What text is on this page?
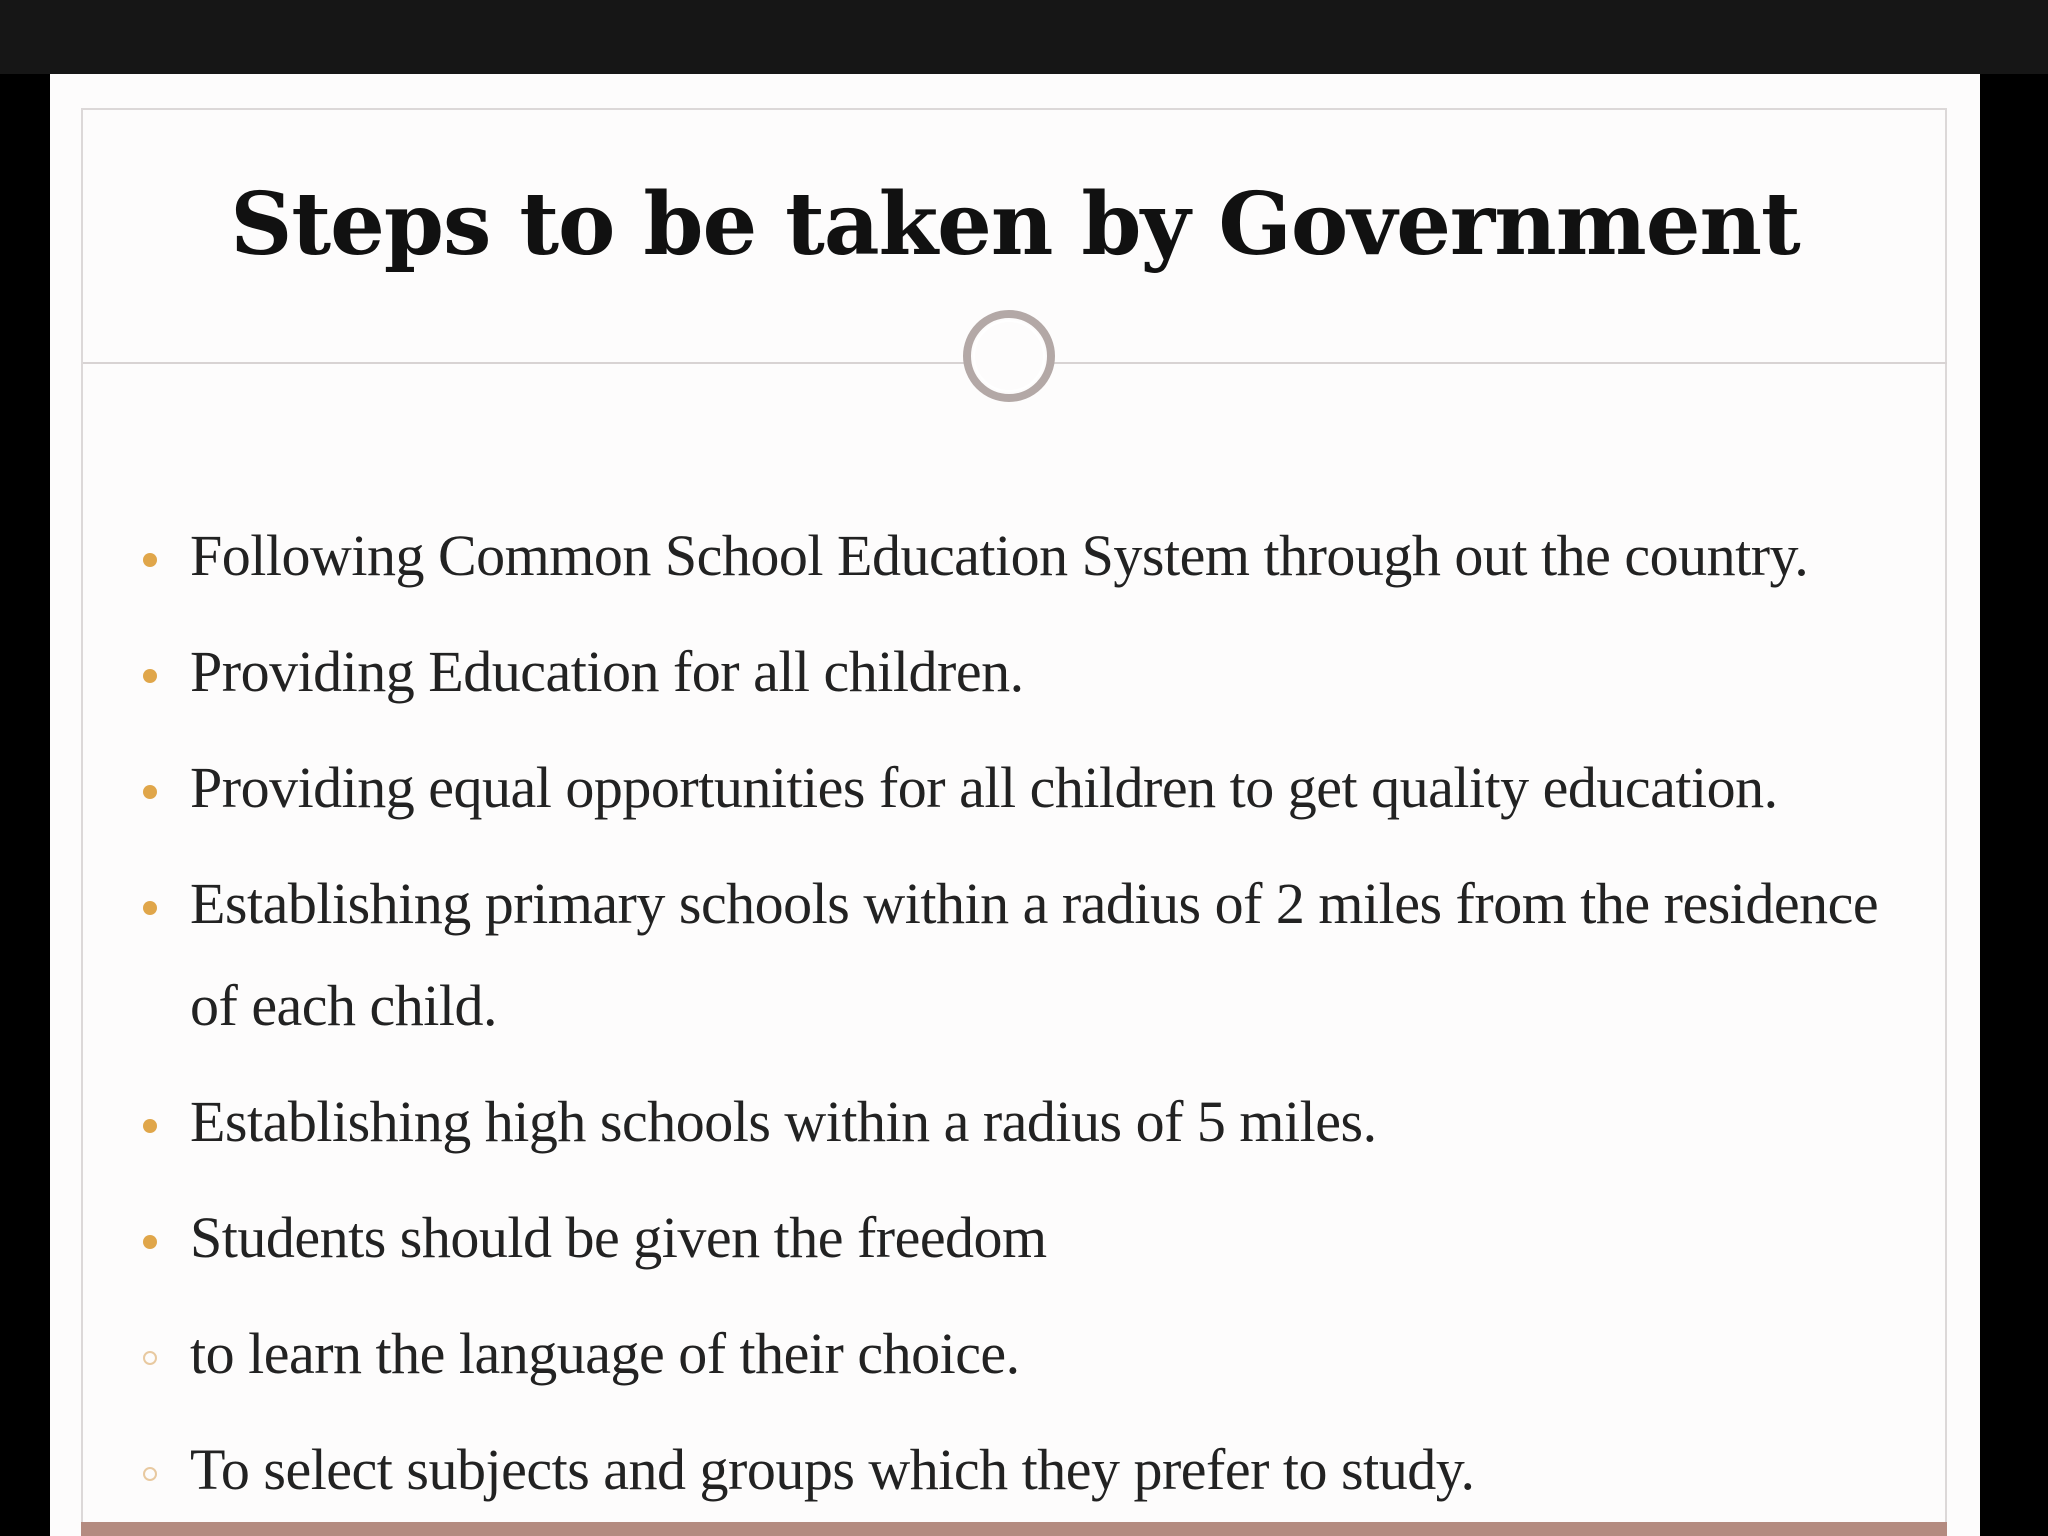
Steps to be taken by Government
Following Common School Education System through out the country.
Providing Education for all children.
Providing equal opportunities for all children to get quality education.
Establishing primary schools within a radius of 2 miles from the residence
of each child.
Establishing high schools within a radius of 5 miles.
Students should be given the freedom
to learn the language of their choice.
To select subjects and groups which they prefer to study.
